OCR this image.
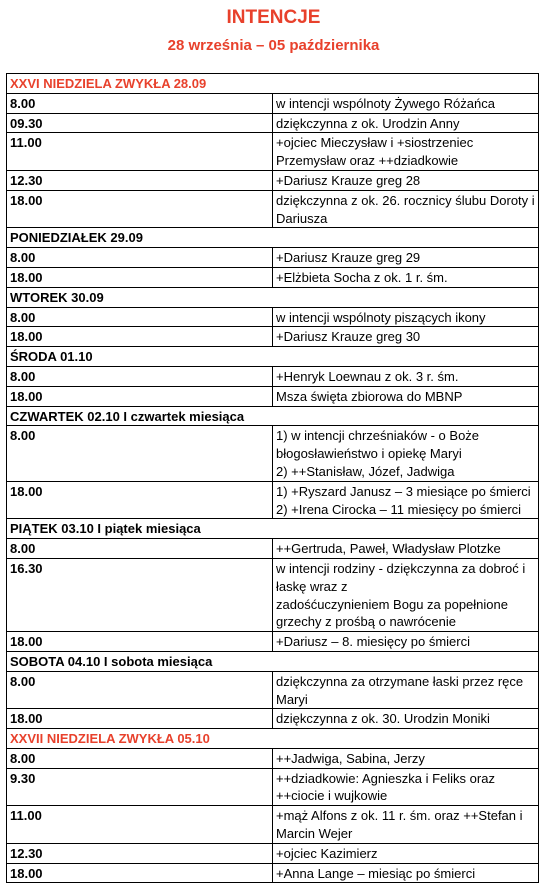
INTENCJE
28 września – 05 października
XXVI NIEDZIELA ZWYKŁA 28.09	
8.00	w intencji wspólnoty Żywego Różańca

09.30	dziękczynna z ok. Urodzin Anny

11.00	+ojciec Mieczysław i +siostrzeniec Przemysław oraz ++dziadkowie

12.30	+Dariusz Krauze greg 28

18.00	dziękczynna z ok. 26. rocznicy ślubu Doroty i Dariusza

PONIEDZIAŁEK 29.09	
8.00	+Dariusz Krauze greg 29

18.00	+Elżbieta Socha z ok. 1 r. śm.

WTOREK 30.09	
8.00	w intencji wspólnoty piszących ikony

18.00	+Dariusz Krauze greg 30

ŚRODA 01.10	
8.00	+Henryk Loewnau z ok. 3 r. śm.

18.00	Msza święta zbiorowa do MBNP

CZWARTEK 02.10 I czwartek miesiąca	
8.00	1) w intencji chrześniaków - o Boże błogosławieństwo i opiekę Maryi
2) ++Stanisław, Józef, Jadwiga

18.00	1) +Ryszard Janusz – 3 miesiące po śmierci
2) +Irena Cirocka – 11 miesięcy po śmierci

PIĄTEK 03.10 I piątek miesiąca	
8.00	++Gertruda, Paweł, Władysław Plotzke

16.30	w intencji rodziny - dziękczynna za dobroć i łaskę wraz z
zadośćuczynieniem Bogu za popełnione grzechy z prośbą o nawrócenie

18.00	+Dariusz – 8. miesięcy po śmierci

SOBOTA 04.10 I sobota miesiąca	
8.00	dziękczynna za otrzymane łaski przez ręce Maryi

18.00	dziękczynna z ok. 30. Urodzin Moniki

XXVII NIEDZIELA ZWYKŁA 05.10	
8.00	++Jadwiga, Sabina, Jerzy

9.30	++dziadkowie: Agnieszka i Feliks oraz ++ciocie i wujkowie

11.00	+mąż Alfons z ok. 11 r. śm. oraz ++Stefan i Marcin Wejer

12.30	+ojciec Kazimierz

18.00	+Anna Lange – miesiąc po śmierci
